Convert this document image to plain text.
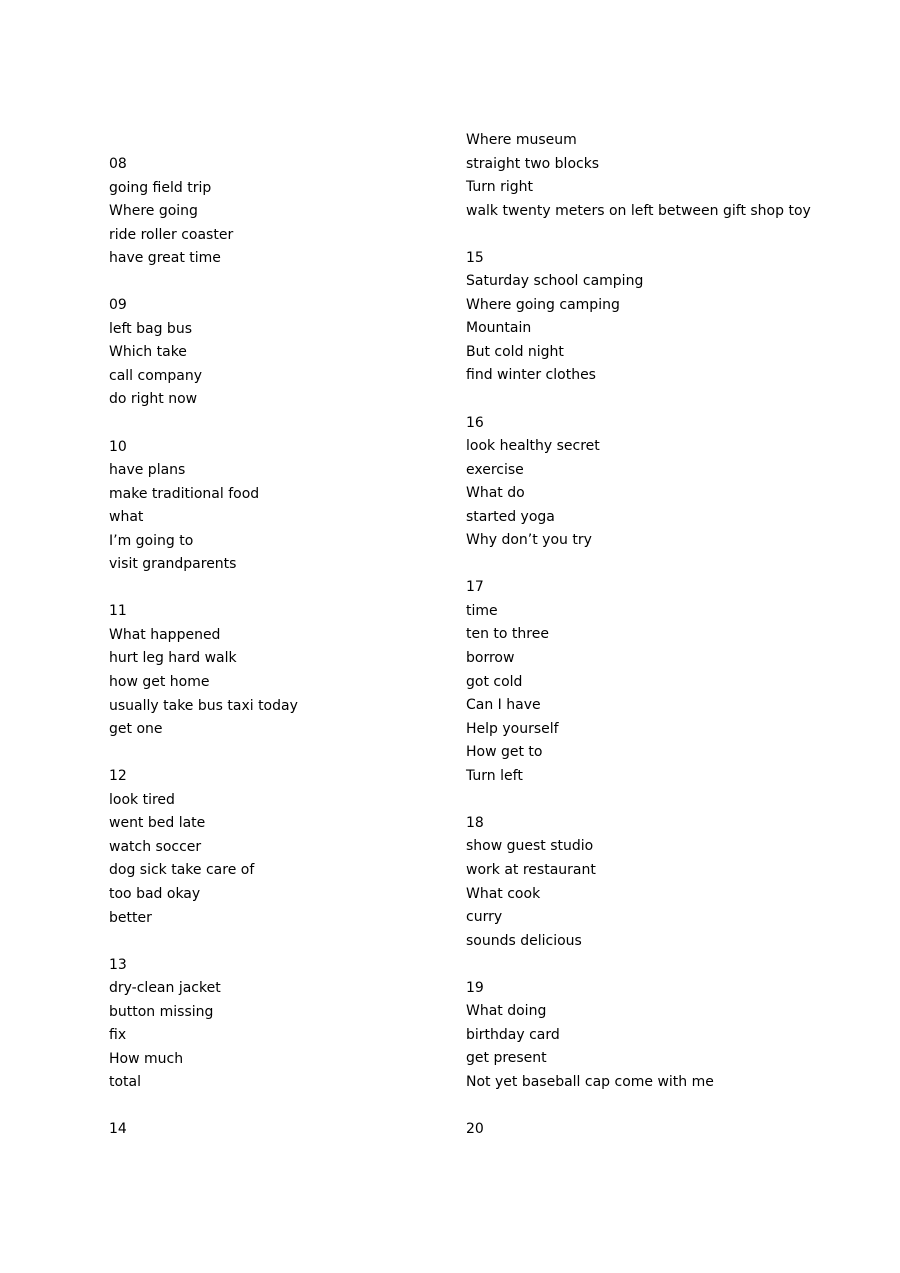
08
going field trip
Where going
ride roller coaster
have great time
09
left bag bus
Which take
call company
do right now
10
have plans
make traditional food
what
I’m going to
visit grandparents
11
What happened
hurt leg hard walk
how get home
usually take bus taxi today
get one
12
look tired
went bed late
watch soccer
dog sick take care of
too bad okay
better
13
dry-clean jacket
button missing
fix
How much
total
14
Where museum
straight two blocks
Turn right
walk twenty meters on left between gift shop toy
15
Saturday school camping
Where going camping
Mountain
But cold night
find winter clothes
16
look healthy secret
exercise
What do
started yoga
Why don’t you try
17
time
ten to three
borrow
got cold
Can I have
Help yourself
How get to
Turn left
18
show guest studio
work at restaurant
What cook
curry
sounds delicious
19
What doing
birthday card
get present
Not yet baseball cap come with me
20
